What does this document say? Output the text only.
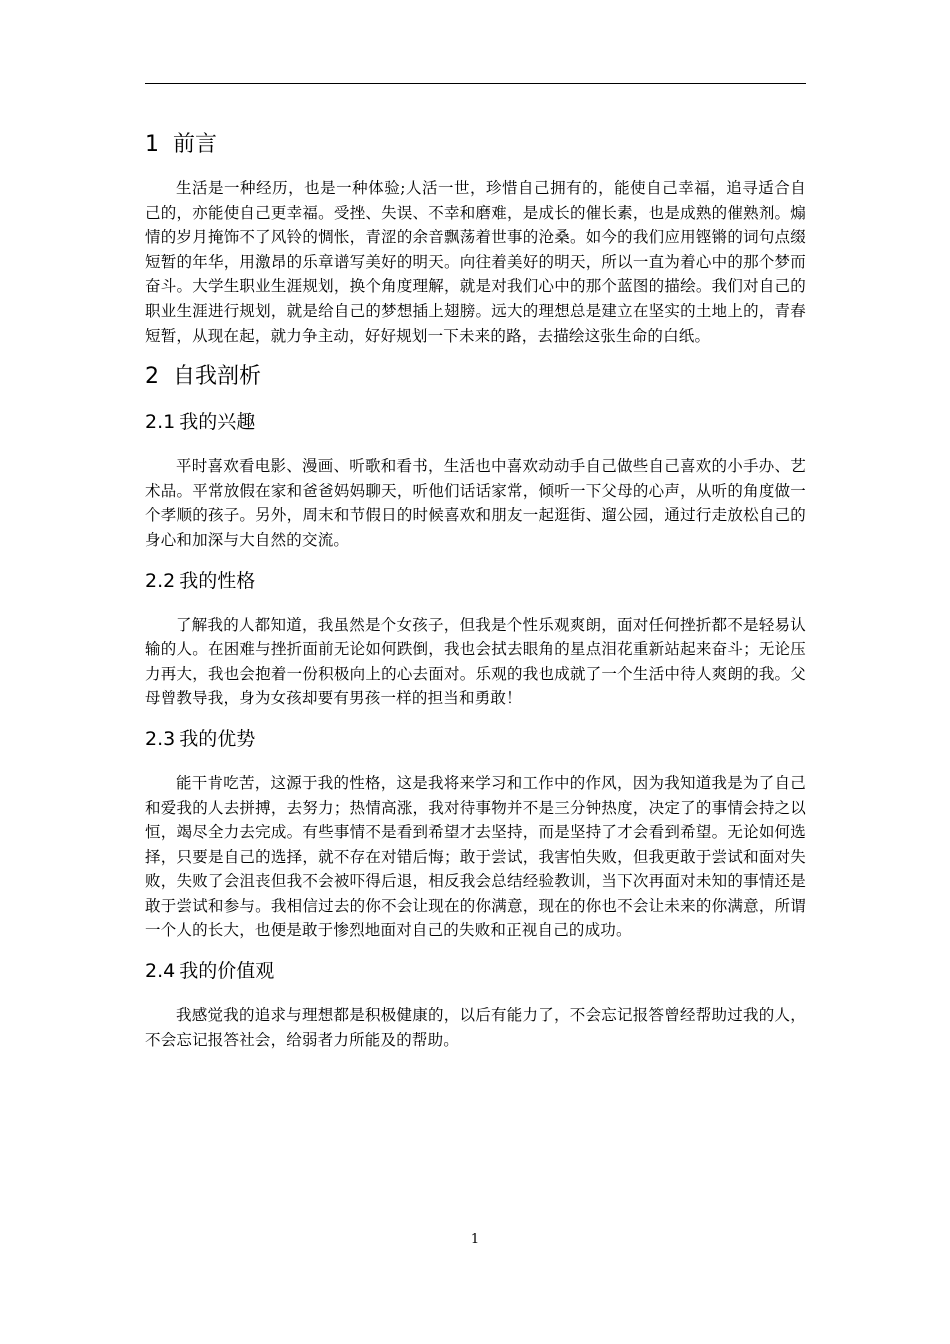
1 前言

生活是一种经历，也是一种体验;人活一世，珍惜自己拥有的，能使自己幸福，追寻适合自己的，亦能使自己更幸福。受挫、失误、不幸和磨难，是成长的催长素，也是成熟的催熟剂。煽情的岁月掩饰不了风铃的惆怅，青涩的余音飘荡着世事的沧桑。如今的我们应用铿锵的词句点缀短暂的年华，用激昂的乐章谱写美好的明天。向往着美好的明天，所以一直为着心中的那个梦而奋斗。大学生职业生涯规划，换个角度理解，就是对我们心中的那个蓝图的描绘。我们对自己的职业生涯进行规划，就是给自己的梦想插上翅膀。远大的理想总是建立在坚实的土地上的，青春短暂，从现在起，就力争主动，好好规划一下未来的路，去描绘这张生命的白纸。

2 自我剖析
2.1 我的兴趣

平时喜欢看电影、漫画、听歌和看书，生活也中喜欢动动手自己做些自己喜欢的小手办、艺术品。平常放假在家和爸爸妈妈聊天，听他们话话家常，倾听一下父母的心声，从听的角度做一个孝顺的孩子。另外，周末和节假日的时候喜欢和朋友一起逛街、遛公园，通过行走放松自己的身心和加深与大自然的交流。

2.2 我的性格

了解我的人都知道，我虽然是个女孩子，但我是个性乐观爽朗，面对任何挫折都不是轻易认输的人。在困难与挫折面前无论如何跌倒，我也会拭去眼角的星点泪花重新站起来奋斗；无论压力再大，我也会抱着一份积极向上的心去面对。乐观的我也成就了一个生活中待人爽朗的我。父母曾教导我，身为女孩却要有男孩一样的担当和勇敢！

2.3 我的优势

能干肯吃苦，这源于我的性格，这是我将来学习和工作中的作风，因为我知道我是为了自己和爱我的人去拼搏，去努力；热情高涨，我对待事物并不是三分钟热度，决定了的事情会持之以恒，竭尽全力去完成。有些事情不是看到希望才去坚持，而是坚持了才会看到希望。无论如何选择，只要是自己的选择，就不存在对错后悔；敢于尝试，我害怕失败，但我更敢于尝试和面对失败，失败了会沮丧但我不会被吓得后退，相反我会总结经验教训，当下次再面对未知的事情还是敢于尝试和参与。我相信过去的你不会让现在的你满意，现在的你也不会让未来的你满意，所谓一个人的长大，也便是敢于惨烈地面对自己的失败和正视自己的成功。

2.4 我的价值观

我感觉我的追求与理想都是积极健康的，以后有能力了，不会忘记报答曾经帮助过我的人，不会忘记报答社会，给弱者力所能及的帮助。

1
